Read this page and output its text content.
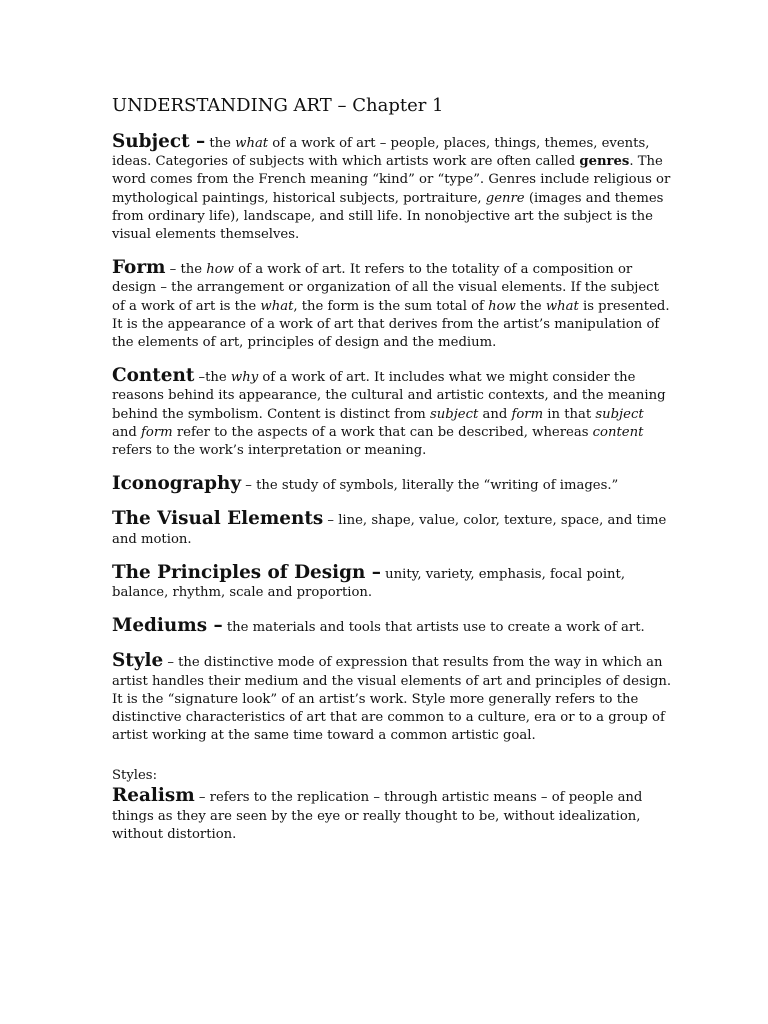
UNDERSTANDING ART – Chapter 1

Subject – the what of a work of art – people, places, things, themes, events, ideas. Categories of subjects with which artists work are often called genres. The word comes from the French meaning “kind” or “type”. Genres include religious or mythological paintings, historical subjects, portraiture, genre (images and themes from ordinary life), landscape, and still life. In nonobjective art the subject is the visual elements themselves.

Form – the how of a work of art. It refers to the totality of a composition or design – the arrangement or organization of all the visual elements. If the subject of a work of art is the what, the form is the sum total of how the what is presented. It is the appearance of a work of art that derives from the artist’s manipulation of the elements of art, principles of design and the medium.

Content –the why of a work of art. It includes what we might consider the reasons behind its appearance, the cultural and artistic contexts, and the meaning behind the symbolism. Content is distinct from subject and form in that subject and form refer to the aspects of a work that can be described, whereas content refers to the work’s interpretation or meaning.

Iconography – the study of symbols, literally the “writing of images.”

The Visual Elements – line, shape, value, color, texture, space, and time and motion.

The Principles of Design – unity, variety, emphasis, focal point, balance, rhythm, scale and proportion.

Mediums – the materials and tools that artists use to create a work of art.

Style – the distinctive mode of expression that results from the way in which an artist handles their medium and the visual elements of art and principles of design. It is the “signature look” of an artist’s work. Style more generally refers to the distinctive characteristics of art that are common to a culture, era or to a group of artist working at the same time toward a common artistic goal.

Styles:

Realism – refers to the replication – through artistic means – of people and things as they are seen by the eye or really thought to be, without idealization, without distortion.
